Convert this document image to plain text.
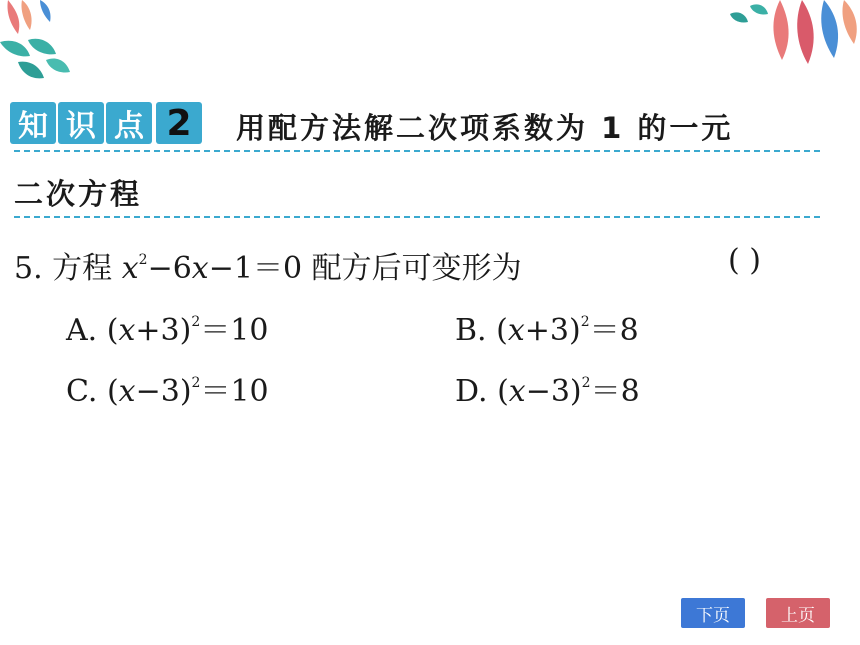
知 识 点 2	用配方法解二次项系数为 1 的一元
二次方程
5. 方程 $x^2-6x-1=0$ 配方后可变形为	( )
A. $(x+3)^2=10$	B. $(x+3)^2=8$
C. $(x-3)^2=10$	D. $(x-3)^2=8$
下页	上页
